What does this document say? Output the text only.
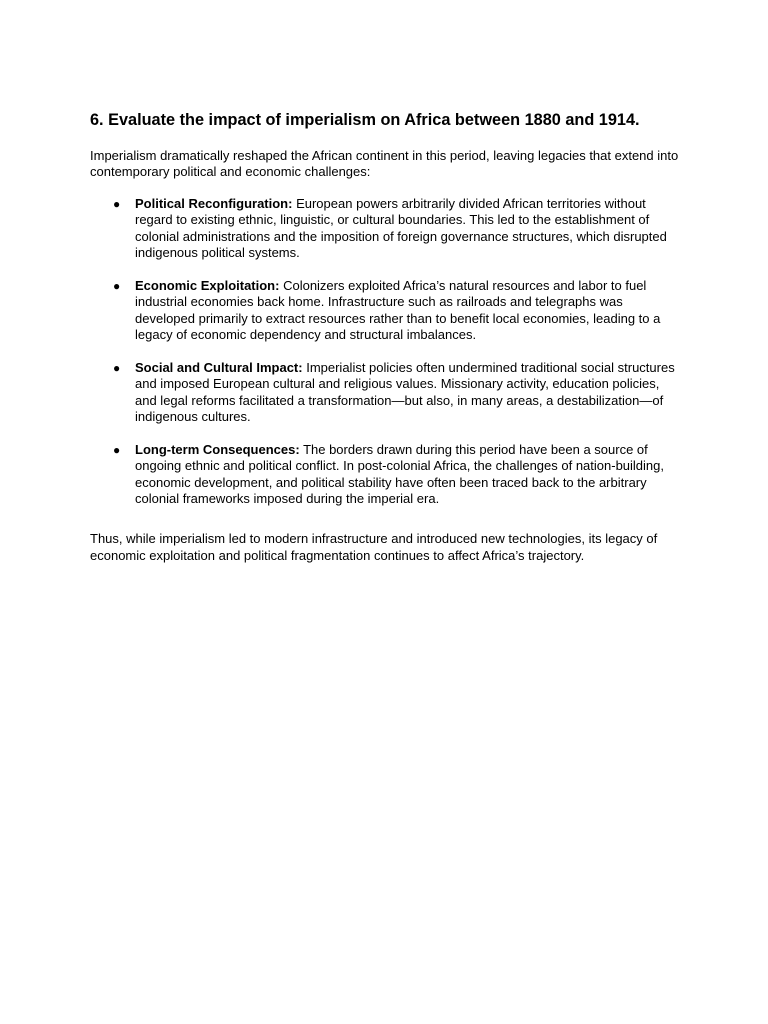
6. Evaluate the impact of imperialism on Africa between 1880 and 1914.

Imperialism dramatically reshaped the African continent in this period, leaving legacies that extend into contemporary political and economic challenges:

● Political Reconfiguration: European powers arbitrarily divided African territories without regard to existing ethnic, linguistic, or cultural boundaries. This led to the establishment of colonial administrations and the imposition of foreign governance structures, which disrupted indigenous political systems.
● Economic Exploitation: Colonizers exploited Africa’s natural resources and labor to fuel industrial economies back home. Infrastructure such as railroads and telegraphs was developed primarily to extract resources rather than to benefit local economies, leading to a legacy of economic dependency and structural imbalances.
● Social and Cultural Impact: Imperialist policies often undermined traditional social structures and imposed European cultural and religious values. Missionary activity, education policies, and legal reforms facilitated a transformation—but also, in many areas, a destabilization—of indigenous cultures.
● Long-term Consequences: The borders drawn during this period have been a source of ongoing ethnic and political conflict. In post-colonial Africa, the challenges of nation-building, economic development, and political stability have often been traced back to the arbitrary colonial frameworks imposed during the imperial era.

Thus, while imperialism led to modern infrastructure and introduced new technologies, its legacy of economic exploitation and political fragmentation continues to affect Africa’s trajectory.
